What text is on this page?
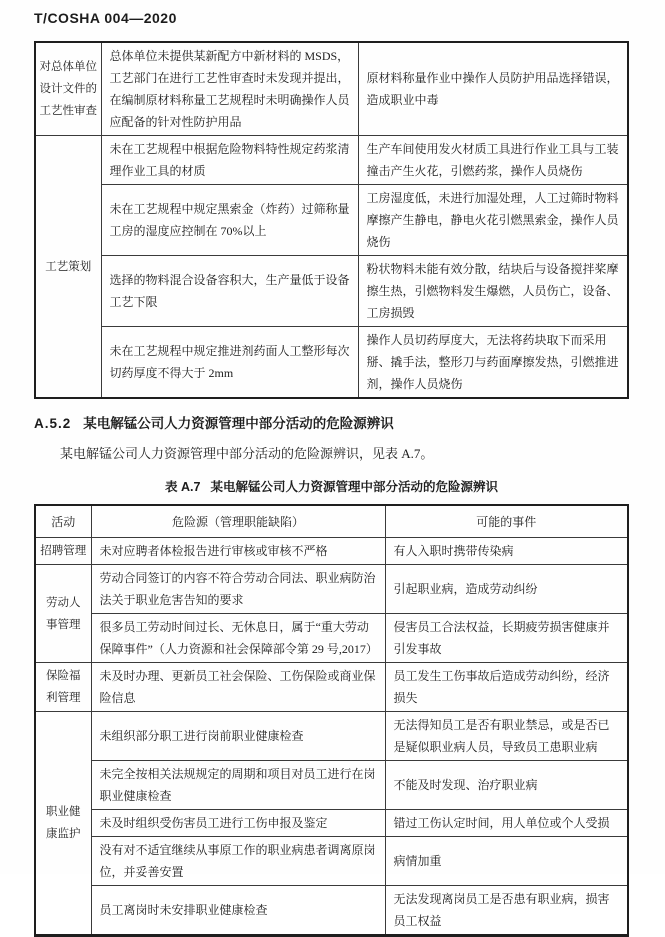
T/COSHA 004—2020
对总体单位设计文件的工艺性审查	总体单位未提供某新配方中新材料的 MSDS，工艺部门在进行工艺性审查时未发现并提出，在编制原材料称量工艺规程时未明确操作人员应配备的针对性防护用品	原材料称量作业中操作人员防护用品选择错误，造成职业中毒
工艺策划	未在工艺规程中根据危险物料特性规定药浆清理作业工具的材质	生产车间使用发火材质工具进行作业工具与工装撞击产生火花，引燃药浆，操作人员烧伤
	未在工艺规程中规定黑索金（炸药）过筛称量工房的湿度应控制在 70%以上	工房湿度低，未进行加湿处理，人工过筛时物料摩擦产生静电，静电火花引燃黑索金，操作人员烧伤
	选择的物料混合设备容积大，生产量低于设备工艺下限	粉状物料未能有效分散，结块后与设备搅拌桨摩擦生热，引燃物料发生爆燃，人员伤亡，设备、工房损毁
	未在工艺规程中规定推进剂药面人工整形每次切药厚度不得大于 2mm	操作人员切药厚度大，无法将药块取下而采用掰、撬手法，整形刀与药面摩擦发热，引燃推进剂，操作人员烧伤
A.5.2 某电解锰公司人力资源管理中部分活动的危险源辨识
某电解锰公司人力资源管理中部分活动的危险源辨识，见表 A.7。
表 A.7 某电解锰公司人力资源管理中部分活动的危险源辨识
活动	危险源（管理职能缺陷）	可能的事件
招聘管理	未对应聘者体检报告进行审核或审核不严格	有人入职时携带传染病
劳动人事管理	劳动合同签订的内容不符合劳动合同法、职业病防治法关于职业危害告知的要求	引起职业病，造成劳动纠纷
	很多员工劳动时间过长、无休息日，属于“重大劳动保障事件”（人力资源和社会保障部令第 29 号,2017）	侵害员工合法权益，长期疲劳损害健康并引发事故
保险福利管理	未及时办理、更新员工社会保险、工伤保险或商业保险信息	员工发生工伤事故后造成劳动纠纷，经济损失
职业健康监护	未组织部分职工进行岗前职业健康检查	无法得知员工是否有职业禁忌，或是否已是疑似职业病人员，导致员工患职业病
	未完全按相关法规规定的周期和项目对员工进行在岗职业健康检查	不能及时发现、治疗职业病
	未及时组织受伤害员工进行工伤申报及鉴定	错过工伤认定时间，用人单位或个人受损
	没有对不适宜继续从事原工作的职业病患者调离原岗位，并妥善安置	病情加重
	员工离岗时未安排职业健康检查	无法发现离岗员工是否患有职业病，损害员工权益
